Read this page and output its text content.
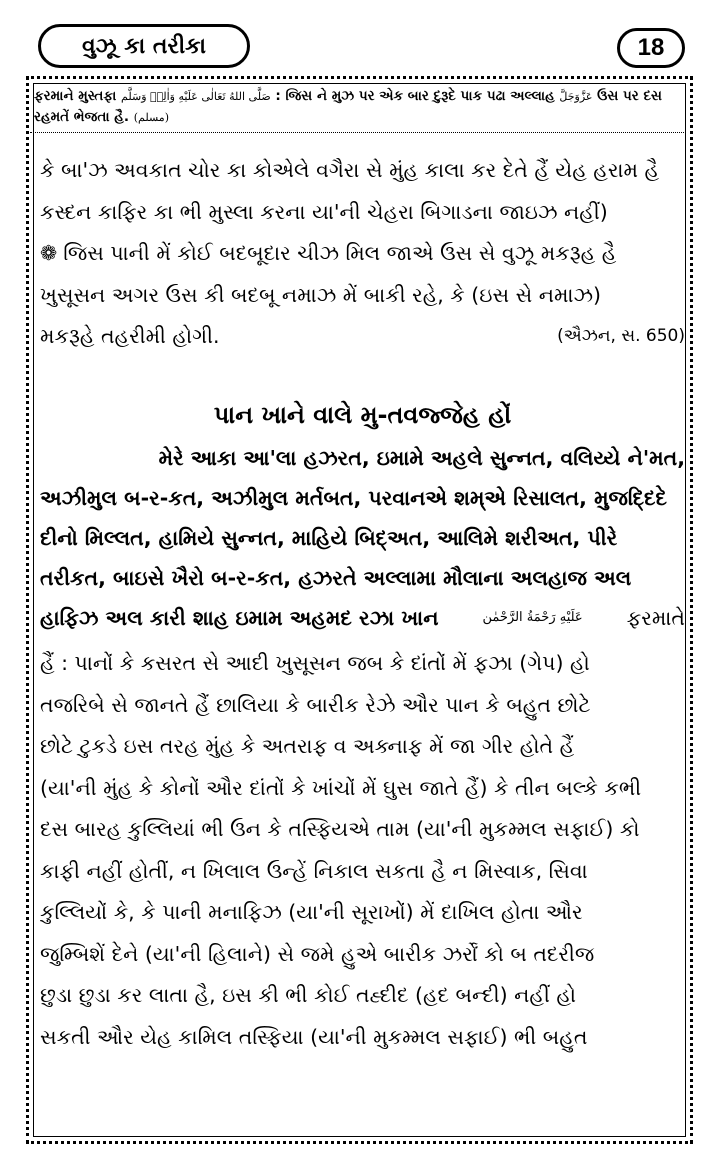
વુઝૂ કા તરીકા	18
ફરમાને મુસ્તફા صَلَّى اللهُ تَعَالٰی عَلَيْهِ وَاٰلِهٖ وَسَلَّم : જિસ ને મુઝ પર એક બાર દુરૂદે પાક પઢા અલ્લાહ عَزَّوَجَلَّ ઉસ પર દસ રહમતેં ભેજતા હૈ. (مسلم)
કે બા'ઝ અવકાત ચોર કા કોએલે વગૈરા સે મુંહ કાલા કર દેતે હૈં યેહ હરામ હૈ
કસ્દન કાફિર કા ભી મુસ્લા કરના યા'ની ચેહરા બિગાડના જાઇઝ નહીં)
❁ જિસ પાની મેં કોઈ બદબૂદાર ચીઝ મિલ જાએ ઉસ સે વુઝૂ મકરૂહ હૈ
ખુસૂસન અગર ઉસ કી બદબૂ નમાઝ મેં બાકી રહે, કે (ઇસ સે નમાઝ)
મકરૂહે તહરીમી હોગી.	(ઐઝન, સ. 650)
પાન ખાને વાલે મુ-તવજ્જેહ હોં
મેરે આકા આ'લા હઝરત, ઇમામે અહલે સુન્નત, વલિય્યે ને'મત,
અઝીમુલ બ-ર-કત, અઝીમુલ મર્તબત, પરવાનએ શમ્એ રિસાલત, મુજદ્દિદે
દીનો મિલ્લત, હામિયે સુન્નત, માહિયે બિદ્અત, આલિમે શરીઅત, પીરે
તરીકત, બાઇસે ખૈરો બ-ર-કત, હઝરતે અલ્લામા મૌલાના અલહાજ અલ
હાફિઝ અલ કારી શાહ ઇમામ અહમદ રઝા ખાન	عَلَيْهِ رَحْمَةُ الرَّحْمٰن ફરમાતે
હૈં : પાનોં કે કસરત સે આદી ખુસૂસન જબ કે દાંતોં મેં ફઝા (ગેપ) હો
તજરિબે સે જાનતે હૈં છાલિયા કે બારીક રેઝે ઔર પાન કે બહુત છોટે
છોટે ટુકડે ઇસ તરહ મુંહ કે અતરાફ વ અક્નાફ મેં જા ગીર હોતે હૈં
(યા'ની મુંહ કે કોનોં ઔર દાંતોં કે ખાંચોં મેં ઘુસ જાતે હૈં) કે તીન બલ્કે કભી
દસ બારહ કુલ્લિયાં ભી ઉન કે તસ્ફિયએ તામ (યા'ની મુકમ્મલ સફાઈ) કો
કાફી નહીં હોતીં, ન ખિલાલ ઉન્હેં નિકાલ સકતા હૈ ન મિસ્વાક, સિવા
કુલ્લિયોં કે, કે પાની મનાફિઝ (યા'ની સૂરાખોં) મેં દાખિલ હોતા ઔર
જુમ્બિશેં દેને (યા'ની હિલાને) સે જમે હુએ બારીક ઝર્રોં કો બ તદરીજ
છુડા છુડા કર લાતા હૈ, ઇસ કી ભી કોઈ તહ્દીદ (હદ બન્દી) નહીં હો
સકતી ઔર યેહ કામિલ તસ્ફિયા (યા'ની મુકમ્મલ સફાઈ) ભી બહુત
